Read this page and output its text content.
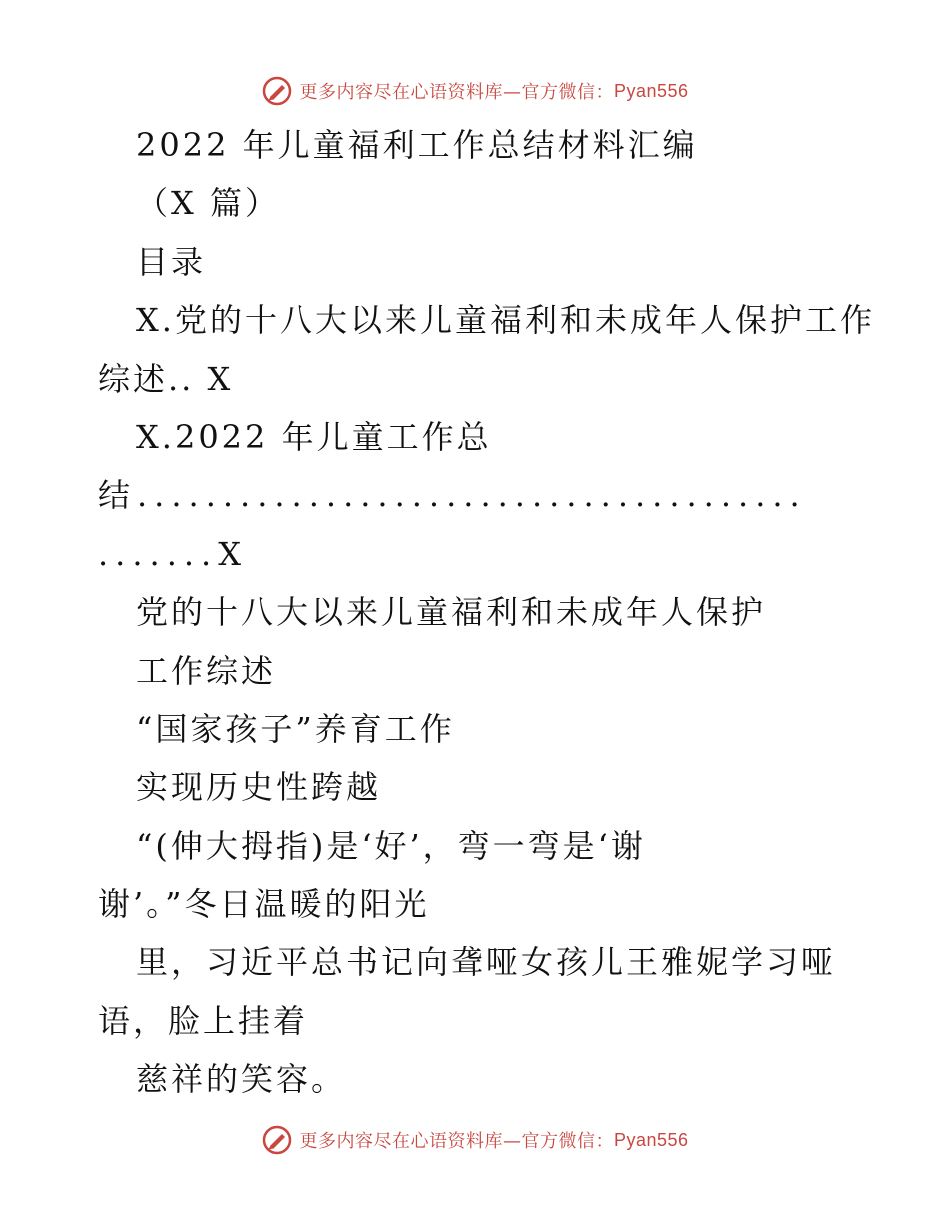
更多内容尽在心语资料库—官方微信： Pyan556
2022 年儿童福利工作总结材料汇编
（X 篇）
目录
X.党的十八大以来儿童福利和未成年人保护工作
综述.. X
X.2022 年儿童工作总
结.......................................
.......X
党的十八大以来儿童福利和未成年人保护
工作综述
“国家孩子”养育工作
实现历史性跨越
“(伸大拇指)是‘好’，弯一弯是‘谢
谢’。”冬日温暖的阳光
里，习近平总书记向聋哑女孩儿王雅妮学习哑
语，脸上挂着
慈祥的笑容。
更多内容尽在心语资料库—官方微信： Pyan556
